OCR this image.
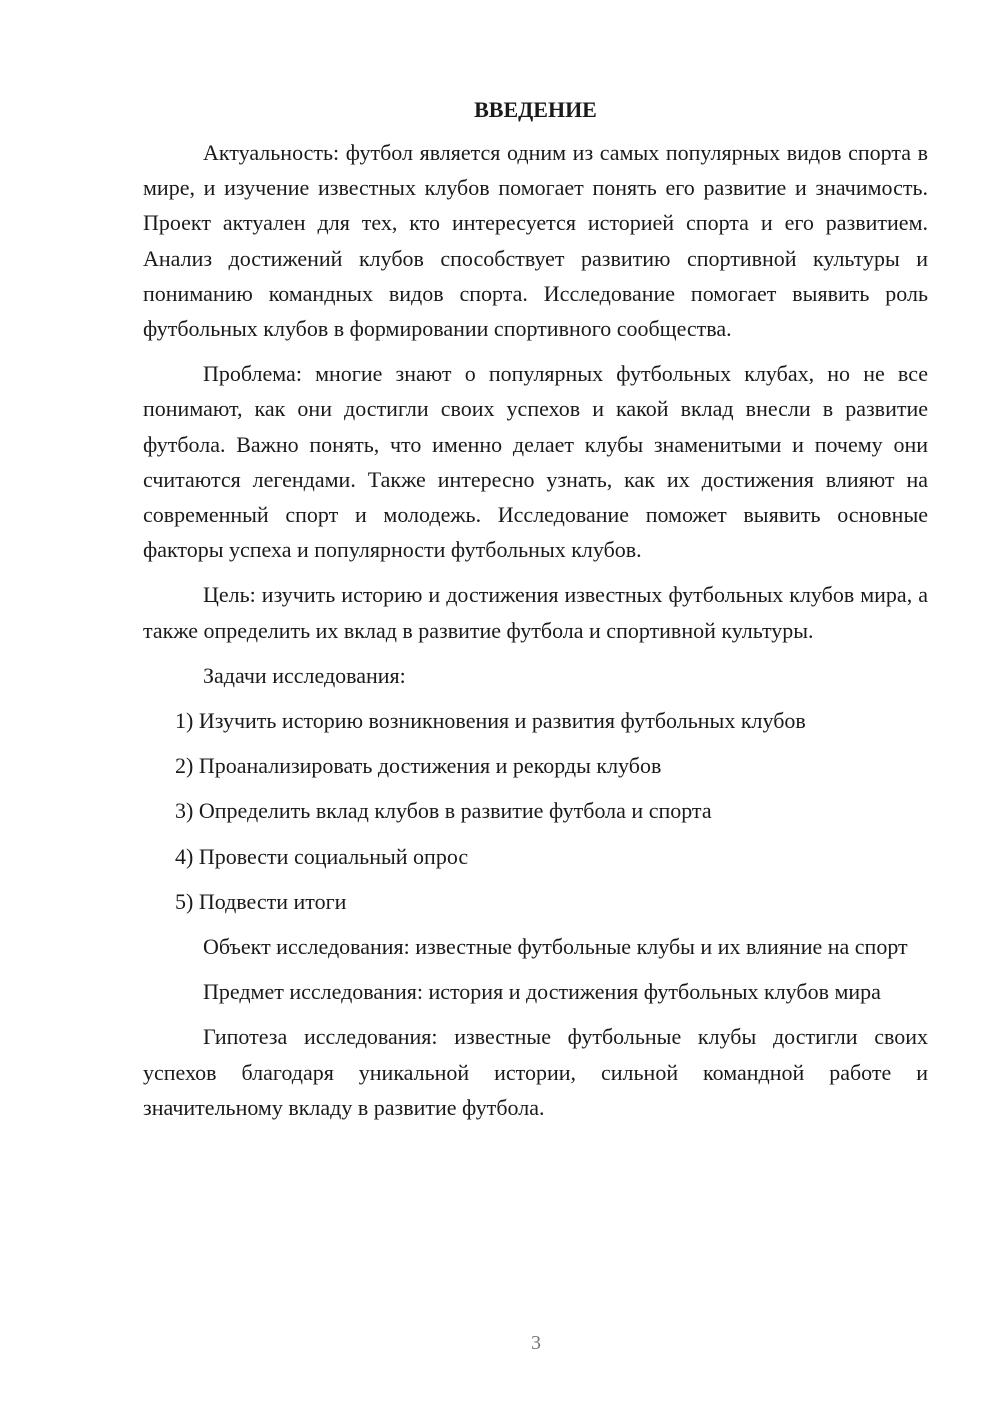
ВВЕДЕНИЕ

Актуальность: футбол является одним из самых популярных видов спорта в мире, и изучение известных клубов помогает понять его развитие и значимость. Проект актуален для тех, кто интересуется историей спорта и его развитием. Анализ достижений клубов способствует развитию спортивной культуры и пониманию командных видов спорта. Исследование помогает выявить роль футбольных клубов в формировании спортивного сообщества.

Проблема: многие знают о популярных футбольных клубах, но не все понимают, как они достигли своих успехов и какой вклад внесли в развитие футбола. Важно понять, что именно делает клубы знаменитыми и почему они считаются легендами. Также интересно узнать, как их достижения влияют на современный спорт и молодежь. Исследование поможет выявить основные факторы успеха и популярности футбольных клубов.

Цель: изучить историю и достижения известных футбольных клубов мира, а также определить их вклад в развитие футбола и спортивной культуры.

Задачи исследования:

1) Изучить историю возникновения и развития футбольных клубов
2) Проанализировать достижения и рекорды клубов
3) Определить вклад клубов в развитие футбола и спорта
4) Провести социальный опрос
5) Подвести итоги

Объект исследования: известные футбольные клубы и их влияние на спорт

Предмет исследования: история и достижения футбольных клубов мира

Гипотеза исследования: известные футбольные клубы достигли своих успехов благодаря уникальной истории, сильной командной работе и значительному вкладу в развитие футбола.

3
